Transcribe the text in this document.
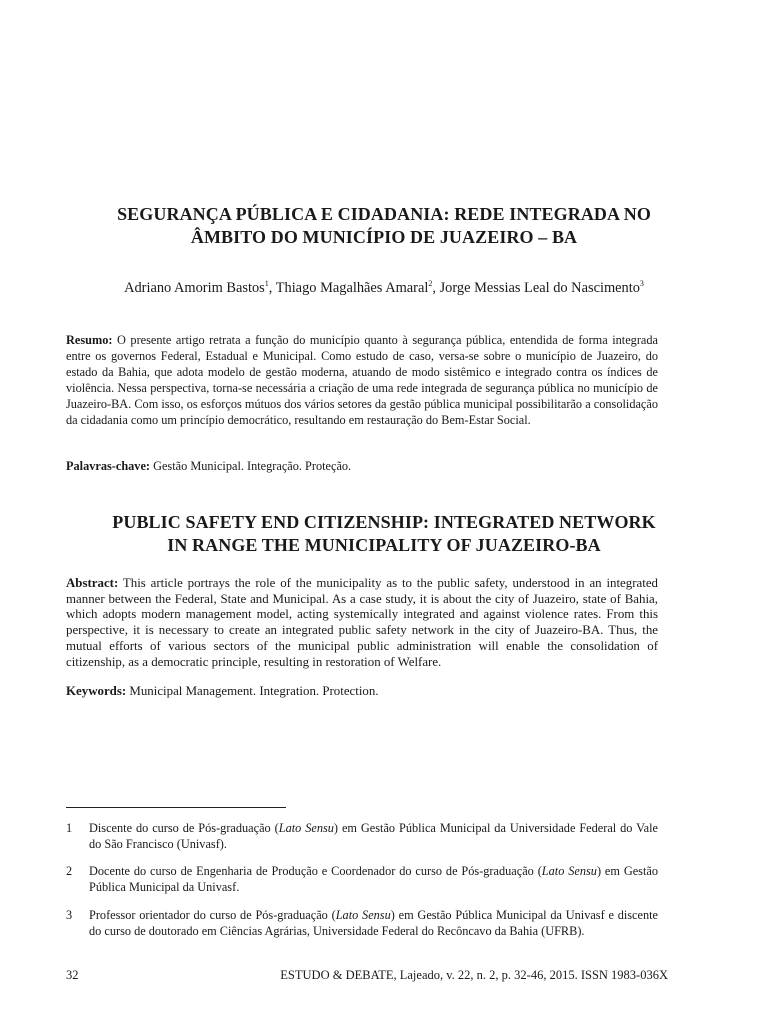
SEGURANÇA PÚBLICA E CIDADANIA: REDE INTEGRADA NO
ÂMBITO DO MUNICÍPIO DE JUAZEIRO – BA

Adriano Amorim Bastos$^1$, Thiago Magalhães Amaral$^2$, Jorge Messias Leal do Nascimento$^3$

Resumo: O presente artigo retrata a função do município quanto à segurança pública, entendida de forma integrada entre os governos Federal, Estadual e Municipal. Como estudo de caso, versa-se sobre o município de Juazeiro, do estado da Bahia, que adota modelo de gestão moderna, atuando de modo sistêmico e integrado contra os índices de violência. Nessa perspectiva, torna-se necessária a criação de uma rede integrada de segurança pública no município de Juazeiro-BA. Com isso, os esforços mútuos dos vários setores da gestão pública municipal possibilitarão a consolidação da cidadania como um princípio democrático, resultando em restauração do Bem-Estar Social.

Palavras-chave: Gestão Municipal. Integração. Proteção.

PUBLIC SAFETY END CITIZENSHIP: INTEGRATED NETWORK
IN RANGE THE MUNICIPALITY OF JUAZEIRO-BA

Abstract: This article portrays the role of the municipality as to the public safety, understood in an integrated manner between the Federal, State and Municipal. As a case study, it is about the city of Juazeiro, state of Bahia, which adopts modern management model, acting systemically integrated and against violence rates. From this perspective, it is necessary to create an integrated public safety network in the city of Juazeiro-BA. Thus, the mutual efforts of various sectors of the municipal public administration will enable the consolidation of citizenship, as a democratic principle, resulting in restoration of Welfare.

Keywords: Municipal Management. Integration. Protection.

1	Discente do curso de Pós-graduação (Lato Sensu) em Gestão Pública Municipal da Universidade Federal do Vale do São Francisco (Univasf).
2	Docente do curso de Engenharia de Produção e Coordenador do curso de Pós-graduação (Lato Sensu) em Gestão Pública Municipal da Univasf.
3	Professor orientador do curso de Pós-graduação (Lato Sensu) em Gestão Pública Municipal da Univasf e discente do curso de doutorado em Ciências Agrárias, Universidade Federal do Recôncavo da Bahia (UFRB).

32	ESTUDO & DEBATE, Lajeado, v. 22, n. 2, p. 32-46, 2015. ISSN 1983-036X
